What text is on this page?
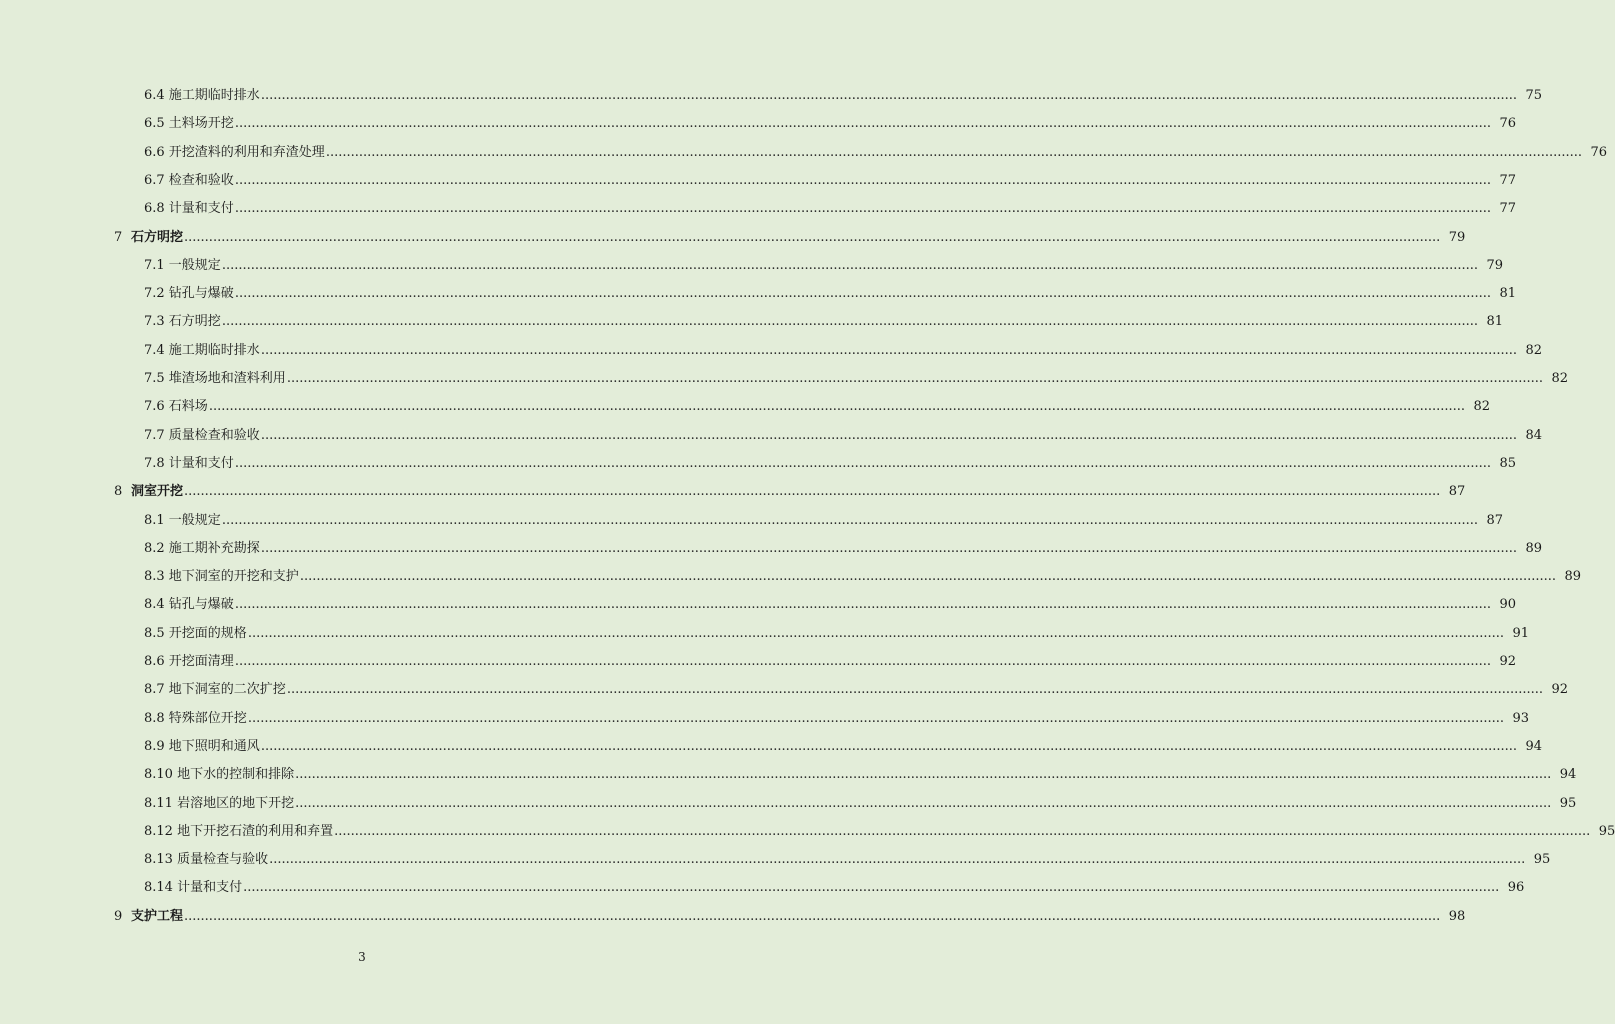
6.4 施工期临时排水 .....	75
6.5 土料场开挖 .....	76
6.6 开挖渣料的利用和弃渣处理 .....	76
6.7 检查和验收 .....	77
6.8 计量和支付 .....	77
7 石方明挖 .....	79
7.1 一般规定 .....	79
7.2 钻孔与爆破 .....	81
7.3 石方明挖 .....	81
7.4 施工期临时排水 .....	82
7.5 堆渣场地和渣料利用 .....	82
7.6 石料场 .....	82
7.7 质量检查和验收 .....	84
7.8 计量和支付 .....	85
8 洞室开挖 .....	87
8.1 一般规定 .....	87
8.2 施工期补充勘探 .....	89
8.3 地下洞室的开挖和支护 .....	89
8.4 钻孔与爆破 .....	90
8.5 开挖面的规格 .....	91
8.6 开挖面清理 .....	92
8.7 地下洞室的二次扩挖 .....	92
8.8 特殊部位开挖 .....	93
8.9 地下照明和通风 .....	94
8.10 地下水的控制和排除 .....	94
8.11 岩溶地区的地下开挖 .....	95
8.12 地下开挖石渣的利用和弃置 .....	95
8.13 质量检查与验收 .....	95
8.14 计量和支付 .....	96
9 支护工程 .....	98
3
